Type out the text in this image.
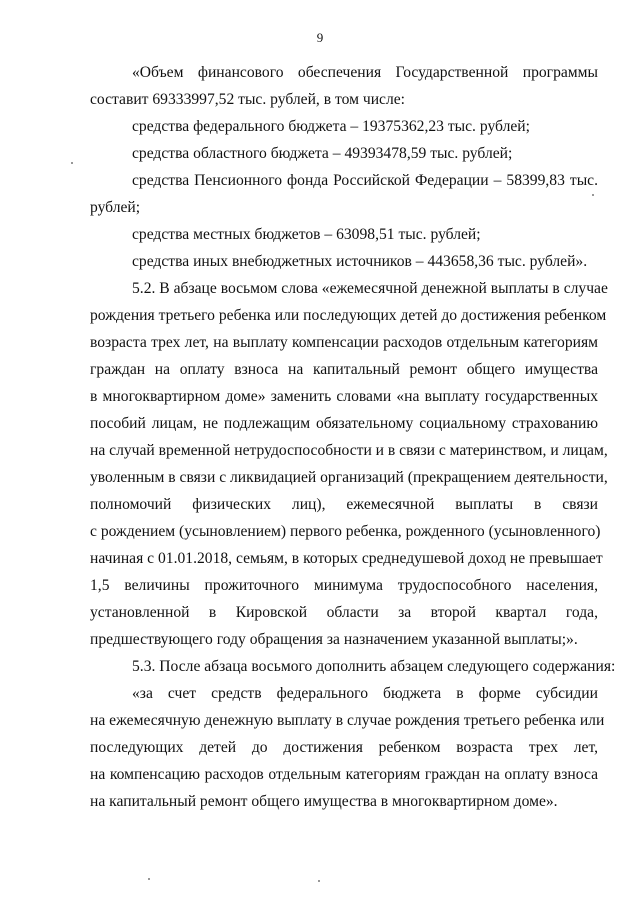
9
«Объем финансового обеспечения Государственной программы
составит 69333997,52 тыс. рублей, в том числе:
средства федерального бюджета – 19375362,23 тыс. рублей;
средства областного бюджета – 49393478,59 тыс. рублей;
средства Пенсионного фонда Российской Федерации – 58399,83 тыс.
рублей;
средства местных бюджетов – 63098,51 тыс. рублей;
средства иных внебюджетных источников – 443658,36 тыс. рублей».
5.2. В абзаце восьмом слова «ежемесячной денежной выплаты в случае
рождения третьего ребенка или последующих детей до достижения ребенком
возраста трех лет, на выплату компенсации расходов отдельным категориям
граждан на оплату взноса на капитальный ремонт общего имущества
в многоквартирном доме» заменить словами «на выплату государственных
пособий лицам, не подлежащим обязательному социальному страхованию
на случай временной нетрудоспособности и в связи с материнством, и лицам,
уволенным в связи с ликвидацией организаций (прекращением деятельности,
полномочий физических лиц), ежемесячной выплаты в связи
с рождением (усыновлением) первого ребенка, рожденного (усыновленного)
начиная с 01.01.2018, семьям, в которых среднедушевой доход не превышает
1,5 величины прожиточного минимума трудоспособного населения,
установленной в Кировской области за второй квартал года,
предшествующего году обращения за назначением указанной выплаты;».
5.3. После абзаца восьмого дополнить абзацем следующего содержания:
«за счет средств федерального бюджета в форме субсидии
на ежемесячную денежную выплату в случае рождения третьего ребенка или
последующих детей до достижения ребенком возраста трех лет,
на компенсацию расходов отдельным категориям граждан на оплату взноса
на капитальный ремонт общего имущества в многоквартирном доме».
